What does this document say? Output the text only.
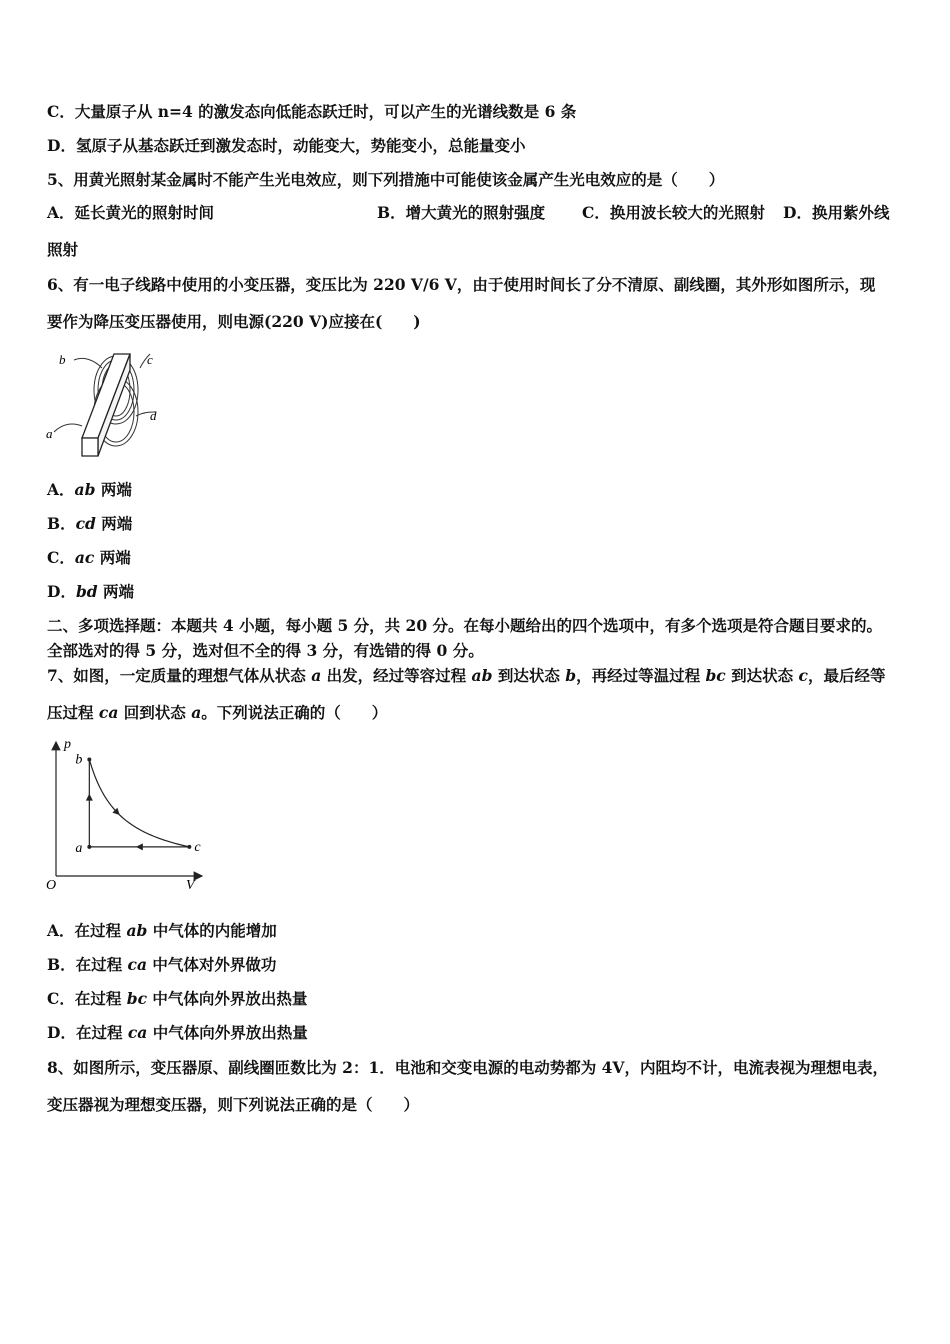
C．大量原子从 n=4 的激发态向低能态跃迁时，可以产生的光谱线数是 6 条
D．氢原子从基态跃迁到激发态时，动能变大，势能变小，总能量变小
5、用黄光照射某金属时不能产生光电效应，则下列措施中可能使该金属产生光电效应的是（　　）
A．延长黄光的照射时间	B．增大黄光的照射强度 C．换用波长较大的光照射 D．换用紫外线
照射
6、有一电子线路中使用的小变压器，变压比为 220 V/6 V，由于使用时间长了分不清原、副线圈，其外形如图所示，现
要作为降压变压器使用，则电源(220 V)应接在(　　)
b	c
d
a
A．ab 两端
B．cd 两端
C．ac 两端
D．bd 两端
二、多项选择题：本题共 4 小题，每小题 5 分，共 20 分。在每小题给出的四个选项中，有多个选项是符合题目要求的。
全部选对的得 5 分，选对但不全的得 3 分，有选错的得 0 分。
7、如图，一定质量的理想气体从状态 a 出发，经过等容过程 ab 到达状态 b，再经过等温过程 bc 到达状态 c，最后经等
压过程 ca 回到状态 a。下列说法正确的（　　）
p
V
O
a
b
c
A．在过程 ab 中气体的内能增加
B．在过程 ca 中气体对外界做功
C．在过程 bc 中气体向外界放出热量
D．在过程 ca 中气体向外界放出热量
8、如图所示，变压器原、副线圈匝数比为 2：1．电池和交变电源的电动势都为 4V，内阻均不计，电流表视为理想电表，
变压器视为理想变压器，则下列说法正确的是（　　）
